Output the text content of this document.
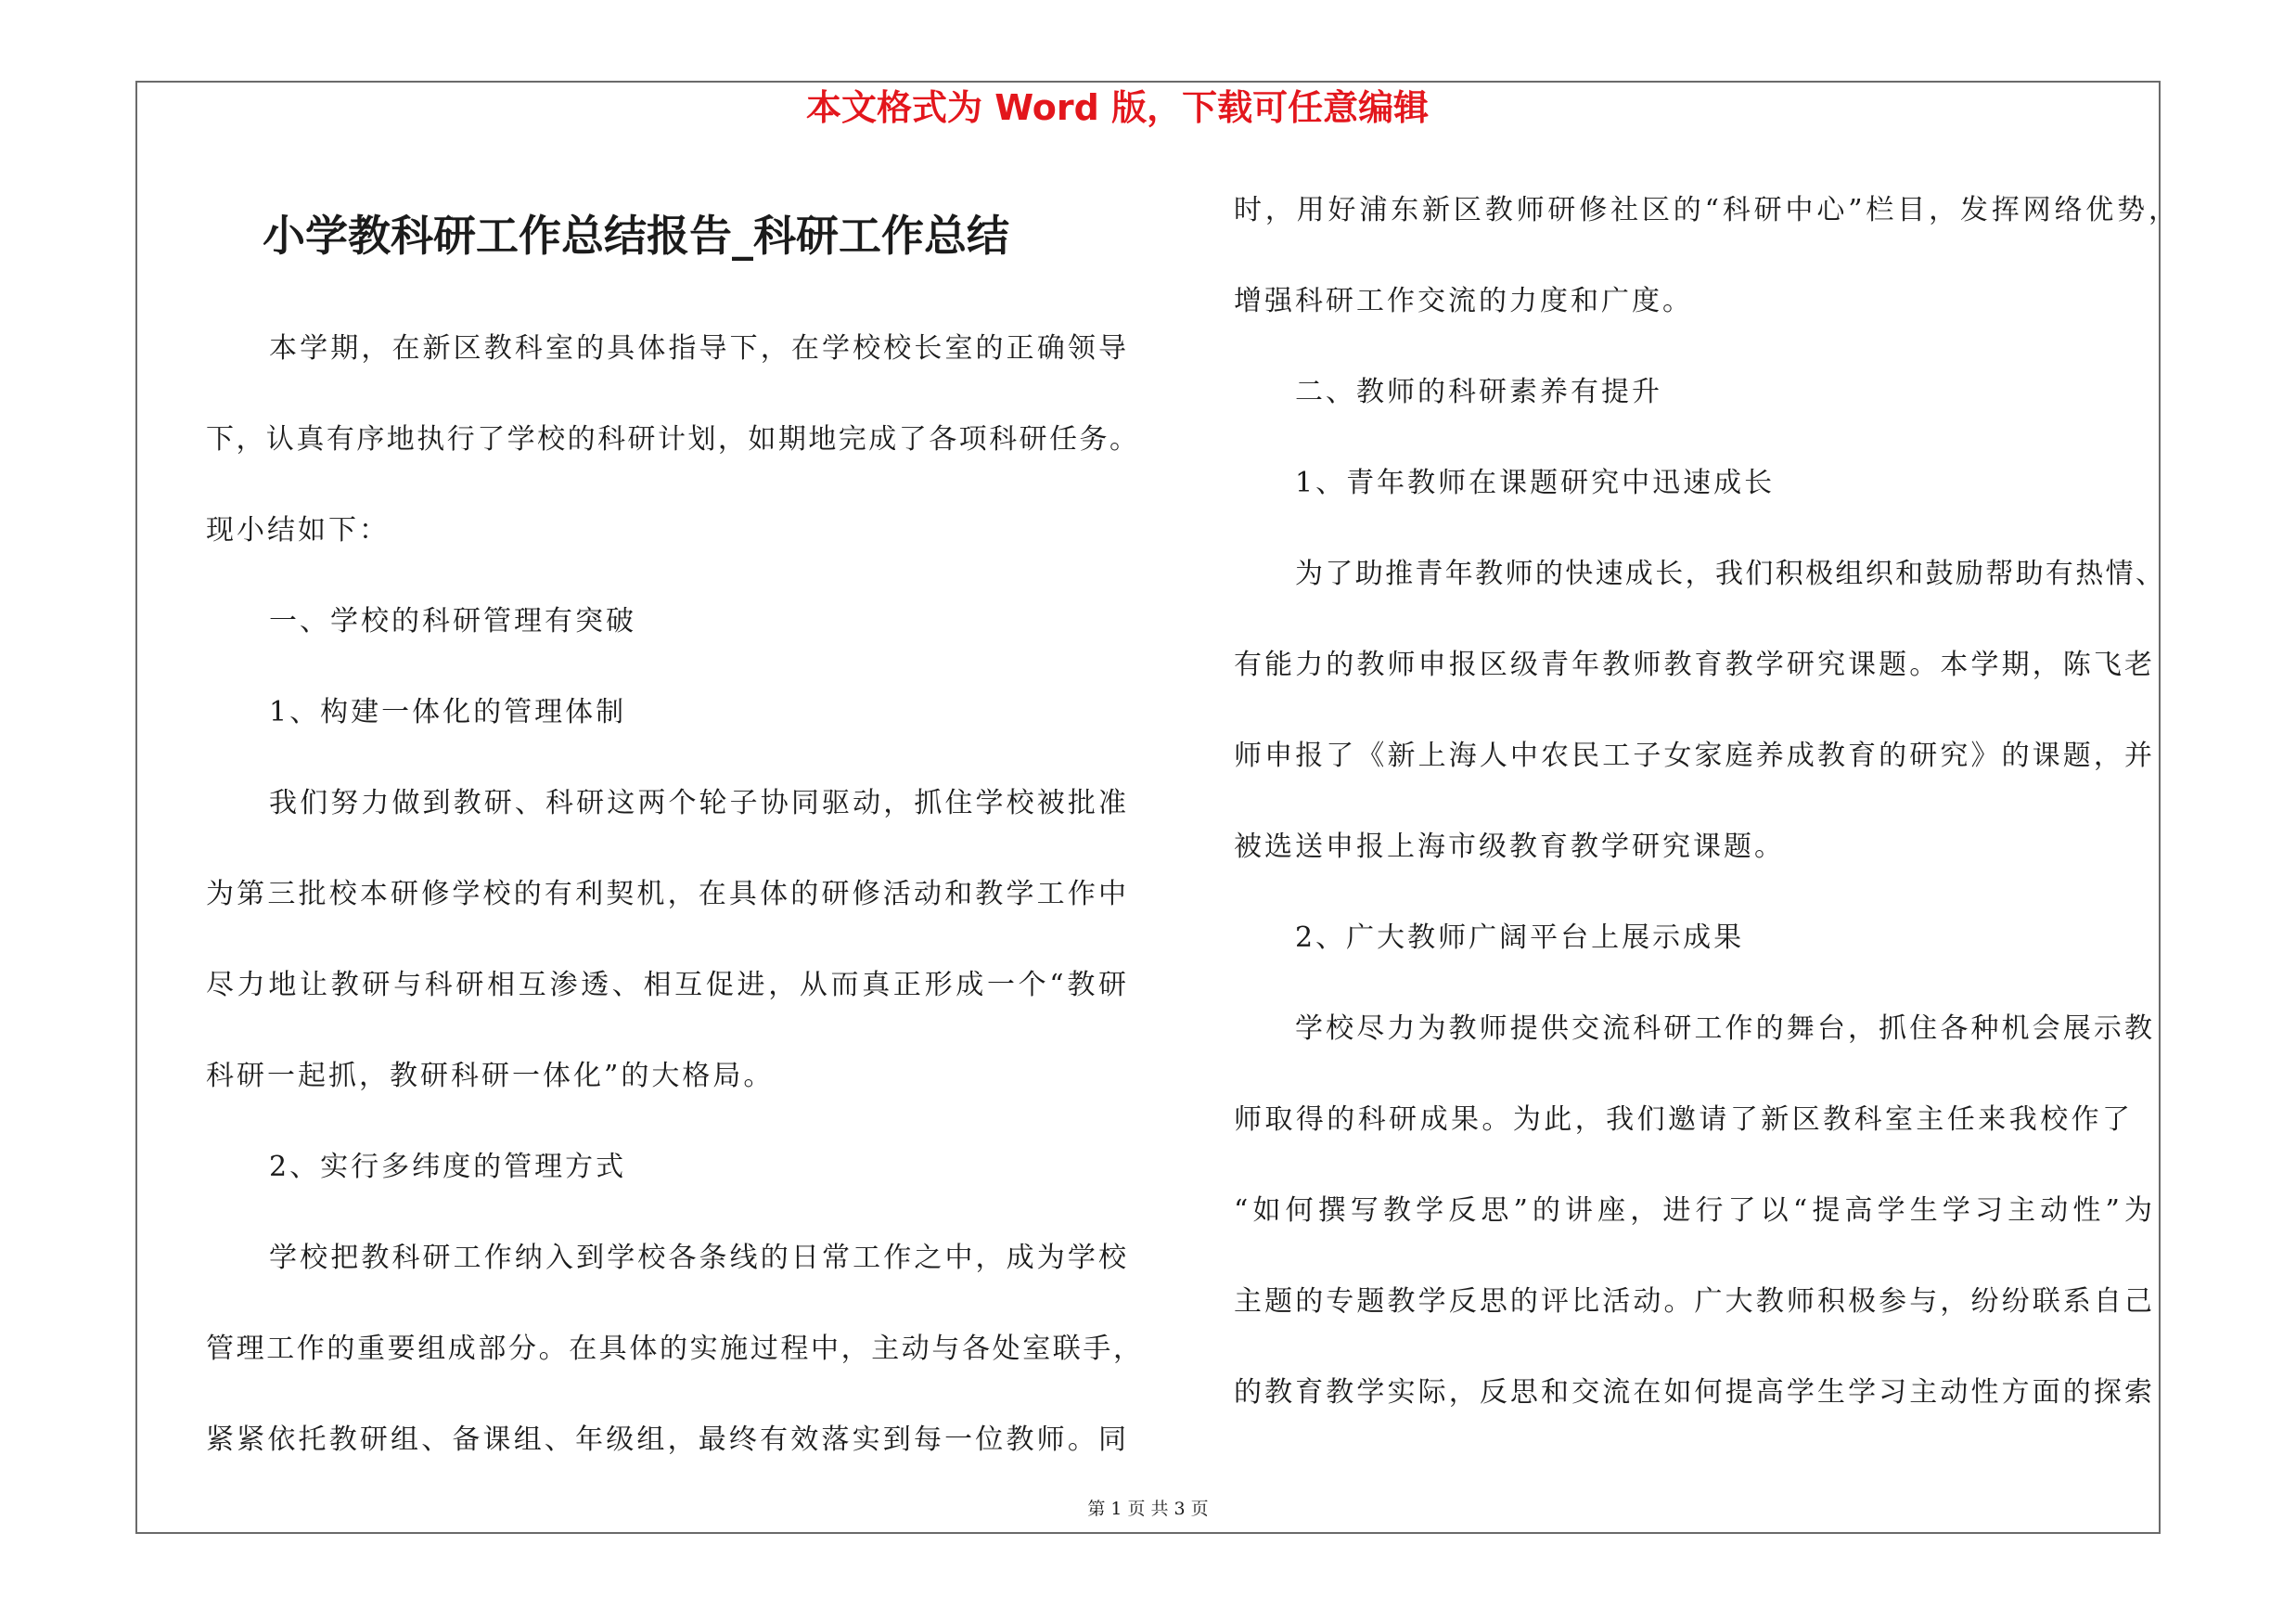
本文格式为 Word 版，下载可任意编辑
小学教科研工作总结报告_科研工作总结
本学期，在新区教科室的具体指导下，在学校校长室的正确领导
下，认真有序地执行了学校的科研计划，如期地完成了各项科研任务。
现小结如下：
一、学校的科研管理有突破
1、构建一体化的管理体制
我们努力做到教研、科研这两个轮子协同驱动，抓住学校被批准
为第三批校本研修学校的有利契机，在具体的研修活动和教学工作中
尽力地让教研与科研相互渗透、相互促进，从而真正形成一个“教研
科研一起抓，教研科研一体化”的大格局。
2、实行多纬度的管理方式
学校把教科研工作纳入到学校各条线的日常工作之中，成为学校
管理工作的重要组成部分。在具体的实施过程中，主动与各处室联手，
紧紧依托教研组、备课组、年级组，最终有效落实到每一位教师。同
时，用好浦东新区教师研修社区的“科研中心”栏目，发挥网络优势，
增强科研工作交流的力度和广度。
二、教师的科研素养有提升
1、青年教师在课题研究中迅速成长
为了助推青年教师的快速成长，我们积极组织和鼓励帮助有热情、
有能力的教师申报区级青年教师教育教学研究课题。本学期，陈飞老
师申报了《新上海人中农民工子女家庭养成教育的研究》的课题，并
被选送申报上海市级教育教学研究课题。
2、广大教师广阔平台上展示成果
学校尽力为教师提供交流科研工作的舞台，抓住各种机会展示教
师取得的科研成果。为此，我们邀请了新区教科室主任来我校作了
“如何撰写教学反思”的讲座，进行了以“提高学生学习主动性”为
主题的专题教学反思的评比活动。广大教师积极参与，纷纷联系自己
的教育教学实际，反思和交流在如何提高学生学习主动性方面的探索
第 1 页 共 3 页
